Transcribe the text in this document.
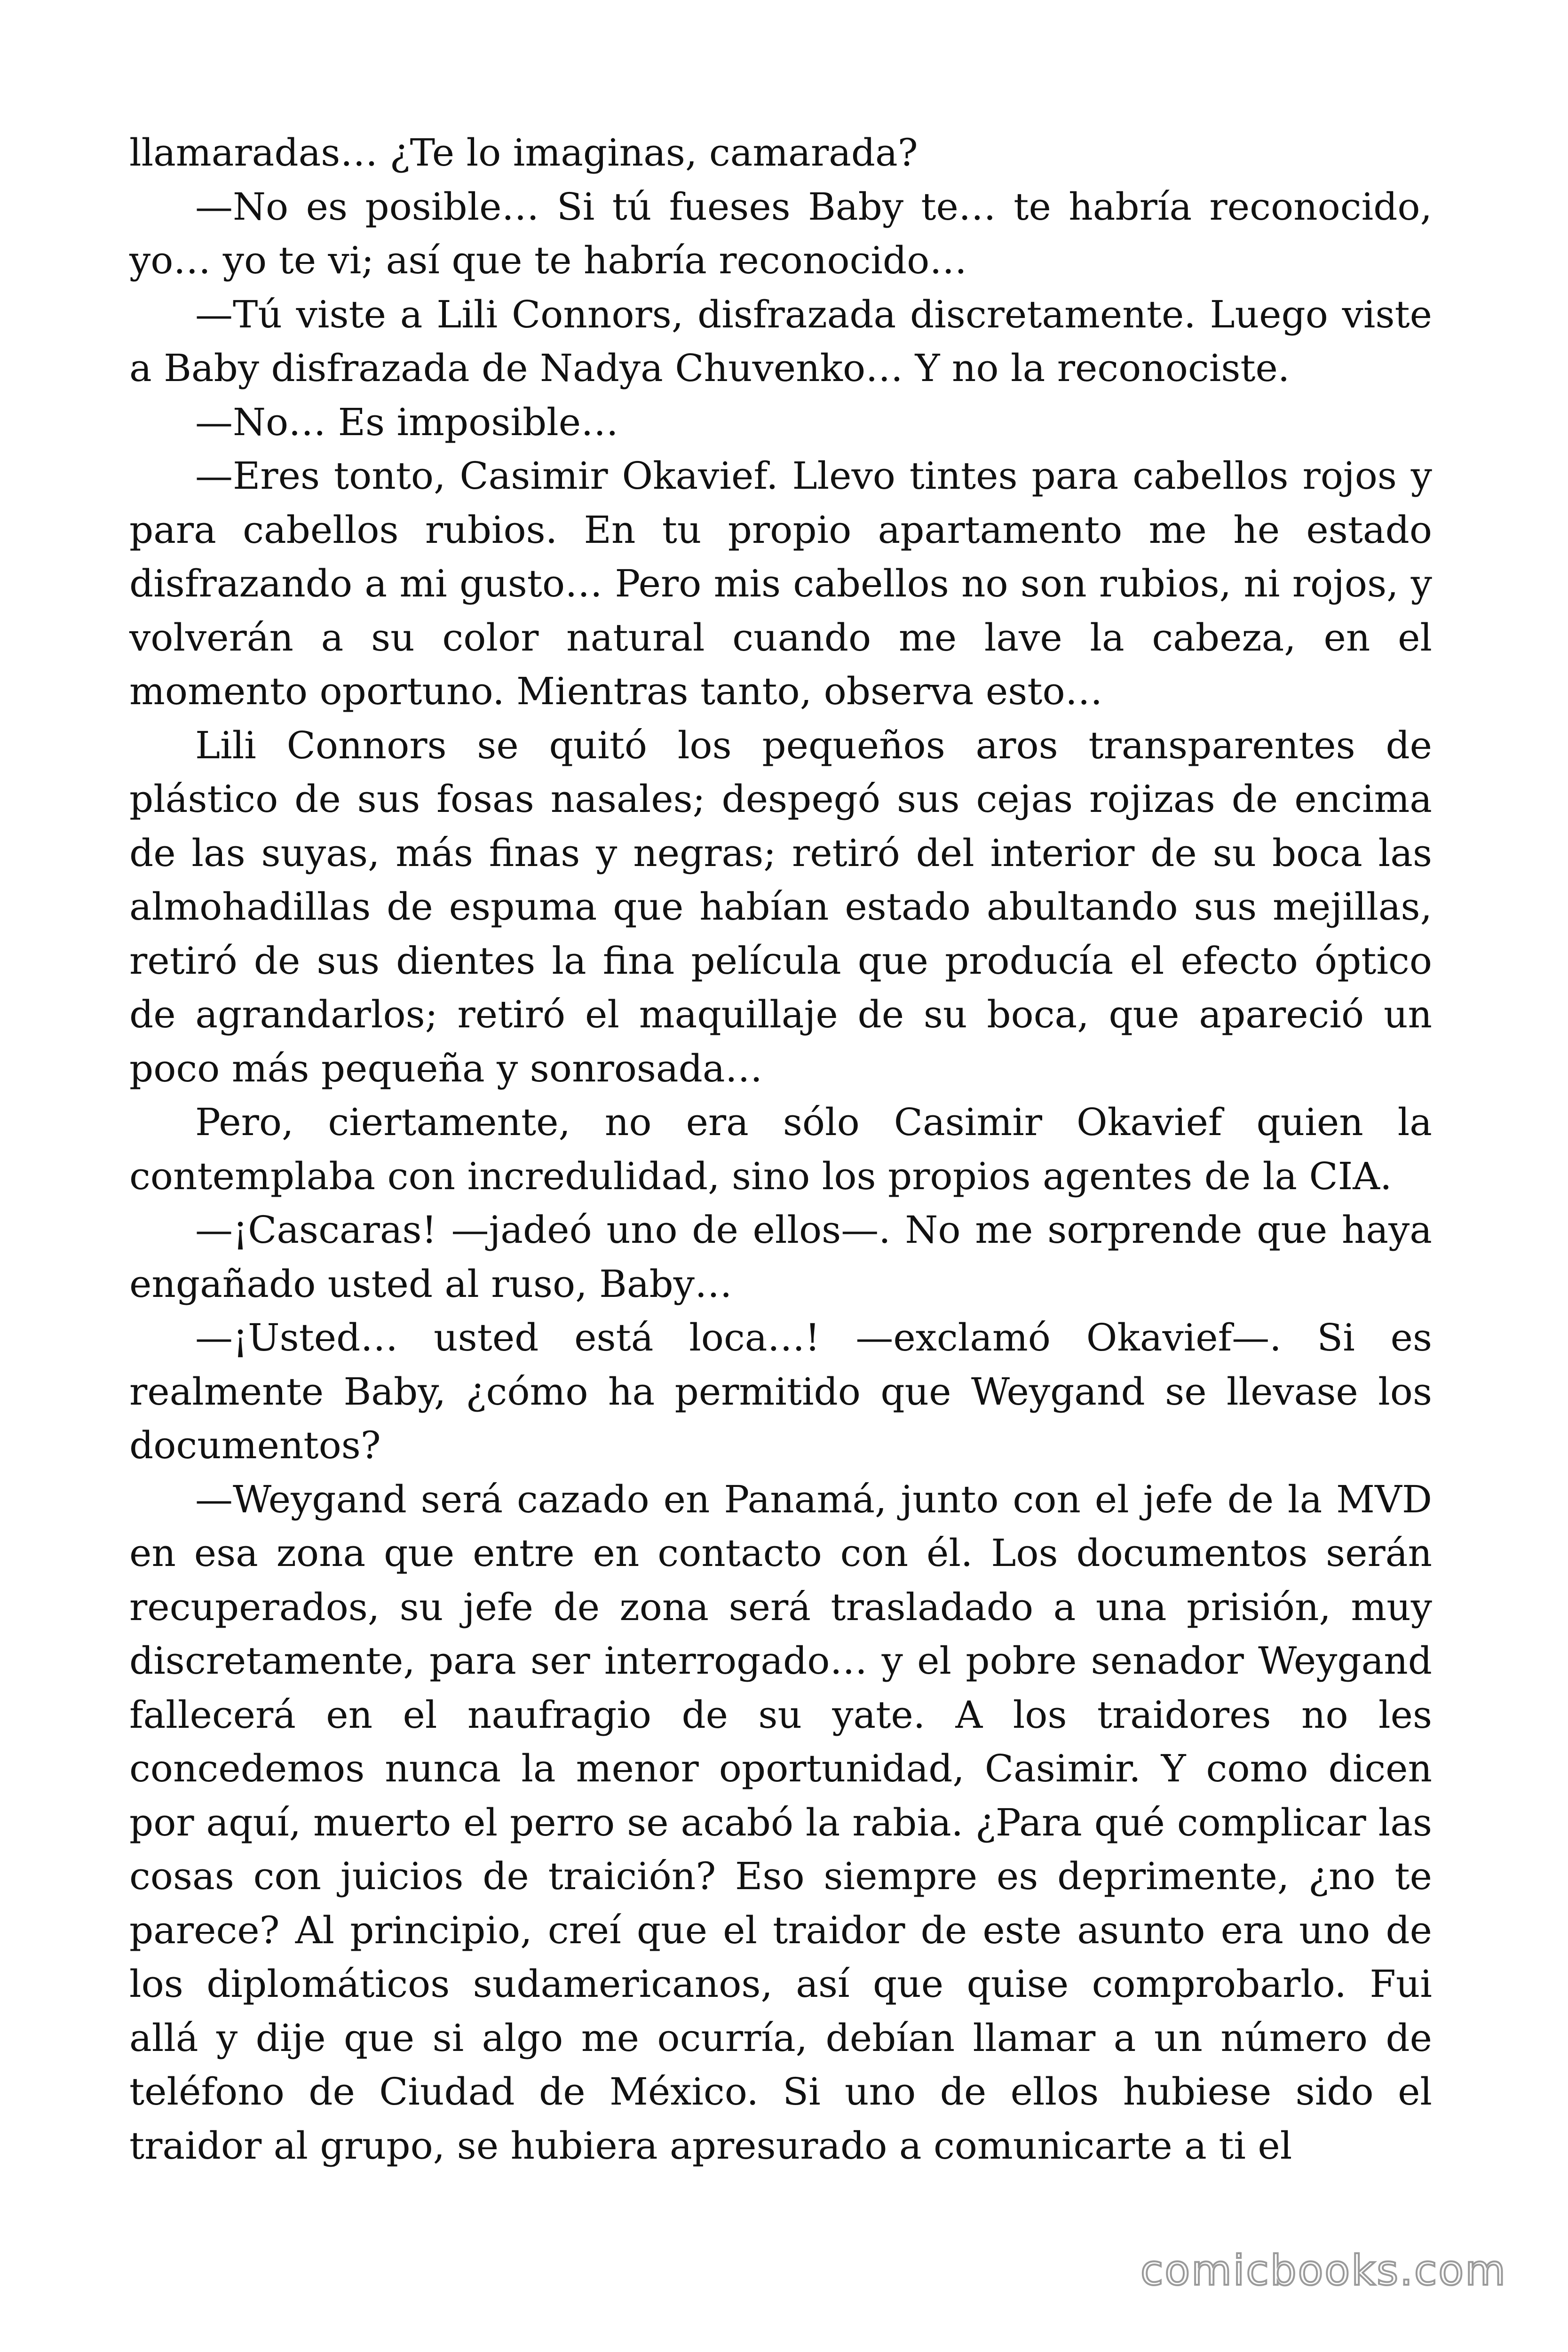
llamaradas… ¿Te lo imaginas, camarada?

—No es posible… Si tú fueses Baby te… te habría reconocido, yo… yo te vi; así que te habría reconocido…

—Tú viste a Lili Connors, disfrazada discretamente. Luego viste a Baby disfrazada de Nadya Chuvenko… Y no la reconociste.

—No… Es imposible…

—Eres tonto, Casimir Okavief. Llevo tintes para cabellos rojos y para cabellos rubios. En tu propio apartamento me he estado disfrazando a mi gusto… Pero mis cabellos no son rubios, ni rojos, y volverán a su color natural cuando me lave la cabeza, en el momento oportuno. Mientras tanto, observa esto…

Lili Connors se quitó los pequeños aros transparentes de plástico de sus fosas nasales; despegó sus cejas rojizas de encima de las suyas, más finas y negras; retiró del interior de su boca las almohadillas de espuma que habían estado abultando sus mejillas, retiró de sus dientes la fina película que producía el efecto óptico de agrandarlos; retiró el maquillaje de su boca, que apareció un poco más pequeña y sonrosada…

Pero, ciertamente, no era sólo Casimir Okavief quien la contemplaba con incredulidad, sino los propios agentes de la CIA.

—¡Cascaras! —jadeó uno de ellos—. No me sorprende que haya engañado usted al ruso, Baby…

—¡Usted… usted está loca…! —exclamó Okavief—. Si es realmente Baby, ¿cómo ha permitido que Weygand se llevase los documentos?

—Weygand será cazado en Panamá, junto con el jefe de la MVD en esa zona que entre en contacto con él. Los documentos serán recuperados, su jefe de zona será trasladado a una prisión, muy discretamente, para ser interrogado… y el pobre senador Weygand fallecerá en el naufragio de su yate. A los traidores no les concedemos nunca la menor oportunidad, Casimir. Y como dicen por aquí, muerto el perro se acabó la rabia. ¿Para qué complicar las cosas con juicios de traición? Eso siempre es deprimente, ¿no te parece? Al principio, creí que el traidor de este asunto era uno de los diplomáticos sudamericanos, así que quise comprobarlo. Fui allá y dije que si algo me ocurría, debían llamar a un número de teléfono de Ciudad de México. Si uno de ellos hubiese sido el traidor al grupo, se hubiera apresurado a comunicarte a ti el

comicbooks.com
